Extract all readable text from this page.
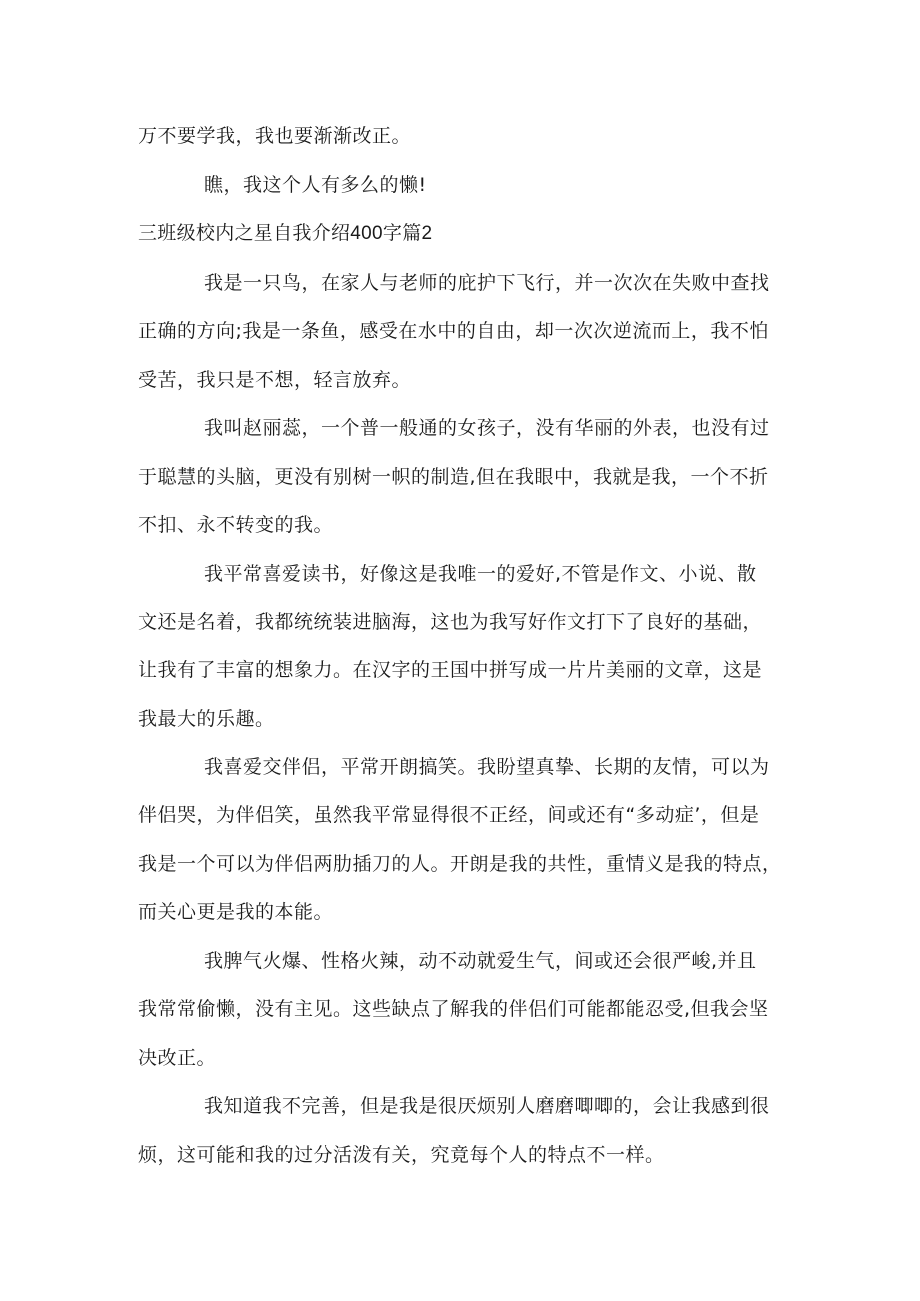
万不要学我，我也要渐渐改正。
瞧，我这个人有多么的懒!
三班级校内之星自我介绍400字篇2
我是一只鸟，在家人与老师的庇护下飞行，并一次次在失败中查找
正确的方向;我是一条鱼，感受在水中的自由，却一次次逆流而上，我不怕
受苦，我只是不想，轻言放弃。
我叫赵丽蕊，一个普一般通的女孩子，没有华丽的外表，也没有过
于聪慧的头脑，更没有别树一帜的制造,但在我眼中，我就是我，一个不折
不扣、永不转变的我。
我平常喜爱读书，好像这是我唯一的爱好,不管是作文、小说、散
文还是名着，我都统统装进脑海，这也为我写好作文打下了良好的基础，
让我有了丰富的想象力。在汉字的王国中拼写成一片片美丽的文章，这是
我最大的乐趣。
我喜爱交伴侣，平常开朗搞笑。我盼望真挚、长期的友情，可以为
伴侣哭，为伴侣笑，虽然我平常显得很不正经，间或还有“多动症’，但是
我是一个可以为伴侣两肋插刀的人。开朗是我的共性，重情义是我的特点，
而关心更是我的本能。
我脾气火爆、性格火辣，动不动就爱生气，间或还会很严峻,并且
我常常偷懒，没有主见。这些缺点了解我的伴侣们可能都能忍受,但我会坚
决改正。
我知道我不完善，但是我是很厌烦别人磨磨唧唧的，会让我感到很
烦，这可能和我的过分活泼有关，究竟每个人的特点不一样。
